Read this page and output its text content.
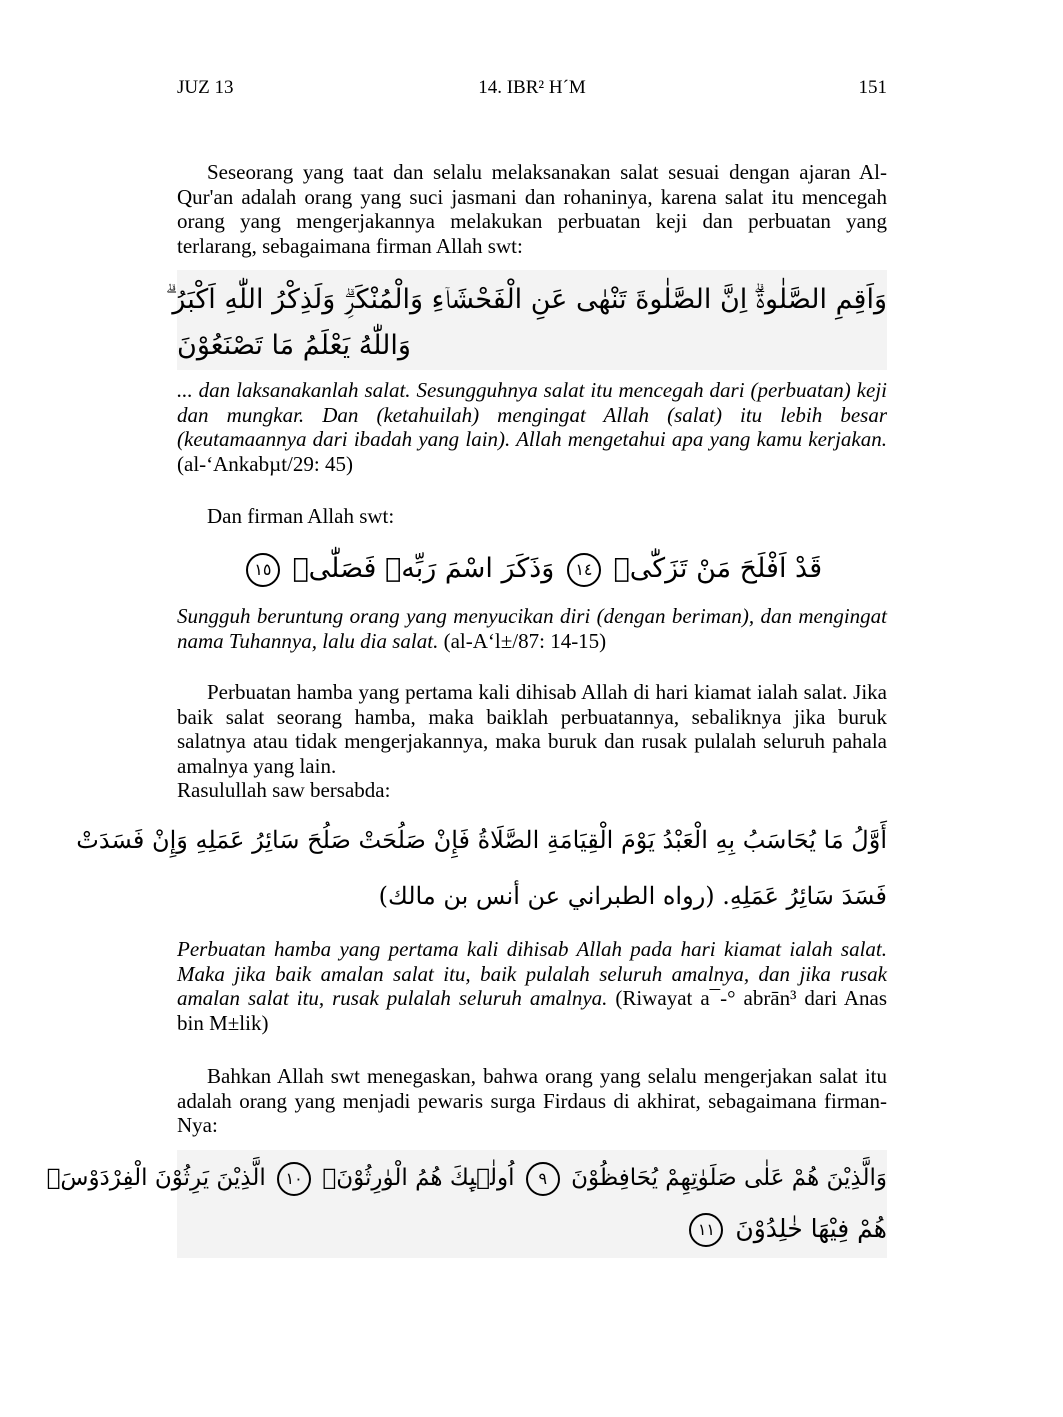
JUZ 13	14. IBR² H´M	151

Seseorang yang taat dan selalu melaksanakan salat sesuai dengan ajaran Al-Qur'an adalah orang yang suci jasmani dan rohaninya, karena salat itu mencegah orang yang mengerjakannya melakukan perbuatan keji dan perbuatan yang terlarang, sebagaimana firman Allah swt:

وَاَقِمِ الصَّلٰوةَۗ اِنَّ الصَّلٰوةَ تَنْهٰى عَنِ الْفَحْشَاۤءِ وَالْمُنْكَرِۗ وَلَذِكْرُ اللّٰهِ اَكْبَرُ ۗ
وَاللّٰهُ يَعْلَمُ مَا تَصْنَعُوْنَ

... dan laksanakanlah salat. Sesungguhnya salat itu mencegah dari (perbuatan) keji dan mungkar. Dan (ketahuilah) mengingat Allah (salat) itu lebih besar (keutamaannya dari ibadah yang lain). Allah mengetahui apa yang kamu kerjakan. (al-‘Ankabµt/29: 45)

Dan firman Allah swt:

قَدْ اَفْلَحَ مَنْ تَزَكّٰىۙ ١٤ وَذَكَرَ اسْمَ رَبِّهٖ فَصَلّٰىۗ ١٥

Sungguh beruntung orang yang menyucikan diri (dengan beriman), dan mengingat nama Tuhannya, lalu dia salat. (al-A‘l±/87: 14-15)

Perbuatan hamba yang pertama kali dihisab Allah di hari kiamat ialah salat. Jika baik salat seorang hamba, maka baiklah perbuatannya, sebaliknya jika buruk salatnya atau tidak mengerjakannya, maka buruk dan rusak pulalah seluruh pahala amalnya yang lain.

Rasulullah saw bersabda:

أَوَّلُ مَا يُحَاسَبُ بِهِ الْعَبْدُ يَوْمَ الْقِيَامَةِ الصَّلَاةُ فَإِنْ صَلُحَتْ صَلُحَ سَائِرُ عَمَلِهِ وَإِنْ فَسَدَتْ
فَسَدَ سَائِرُ عَمَلِهِ. (رواه الطبراني عن أنس بن مالك)

Perbuatan hamba yang pertama kali dihisab Allah pada hari kiamat ialah salat. Maka jika baik amalan salat itu, baik pulalah seluruh amalnya, dan jika rusak amalan salat itu, rusak pulalah seluruh amalnya. (Riwayat a¯-° abrān³ dari Anas bin M±lik)

Bahkan Allah swt menegaskan, bahwa orang yang selalu mengerjakan salat itu adalah orang yang menjadi pewaris surga Firdaus di akhirat, sebagaimana firman-Nya:

وَالَّذِيْنَ هُمْ عَلٰى صَلَوٰتِهِمْ يُحَافِظُوْنَ ٩ اُولٰۤىِٕكَ هُمُ الْوٰرِثُوْنَۙ ١٠ الَّذِيْنَ يَرِثُوْنَ الْفِرْدَوْسَۗ
هُمْ فِيْهَا خٰلِدُوْنَ ١١
